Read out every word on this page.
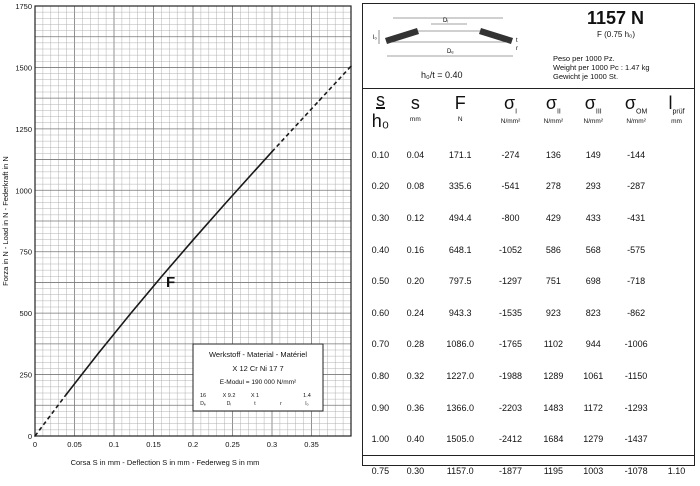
0	0.05	0.1	0.15	0.2	0.25	0.3	0.35
0
250
500
750
1000
1250
1500
1750
F
Corsa S in mm - Deflection S in mm - Federweg S in mm
Forza in N - Load in N - Federkraft in N
Werkstoff - Material - Matériel
X 12 Cr Ni 17 7
E-Modul = 190 000 N/mm²
16
Dₑ
X 9.2
Dᵢ
X 1
t	r
1.4
l₀
Dᵢ
Dₑ
l₀	t
r
h₀/t = 0.40
1157 N
F (0.75 h₀)
Peso per 1000 Pz.
Weight per 1000 Pc : 1.47 kg
Gewicht je 1000 St.
s
h₀	s
mm	F
N	$\sigma_I$
N/mm²	$\sigma_{II}$
N/mm²	$\sigma_{III}$
N/mm²	$\sigma_{OM}$
N/mm²	$l_{prüf}$
mm

0.10	0.04	171.1	-274	136	149	-144	
0.20	0.08	335.6	-541	278	293	-287	
0.30	0.12	494.4	-800	429	433	-431	
0.40	0.16	648.1	-1052	586	568	-575	
0.50	0.20	797.5	-1297	751	698	-718	
0.60	0.24	943.3	-1535	923	823	-862	
0.70	0.28	1086.0	-1765	1102	944	-1006	
0.80	0.32	1227.0	-1988	1289	1061	-1150	
0.90	0.36	1366.0	-2203	1483	1172	-1293	
1.00	0.40	1505.0	-2412	1684	1279	-1437	
0.75	0.30	1157.0	-1877	1195	1003	-1078	1.10
